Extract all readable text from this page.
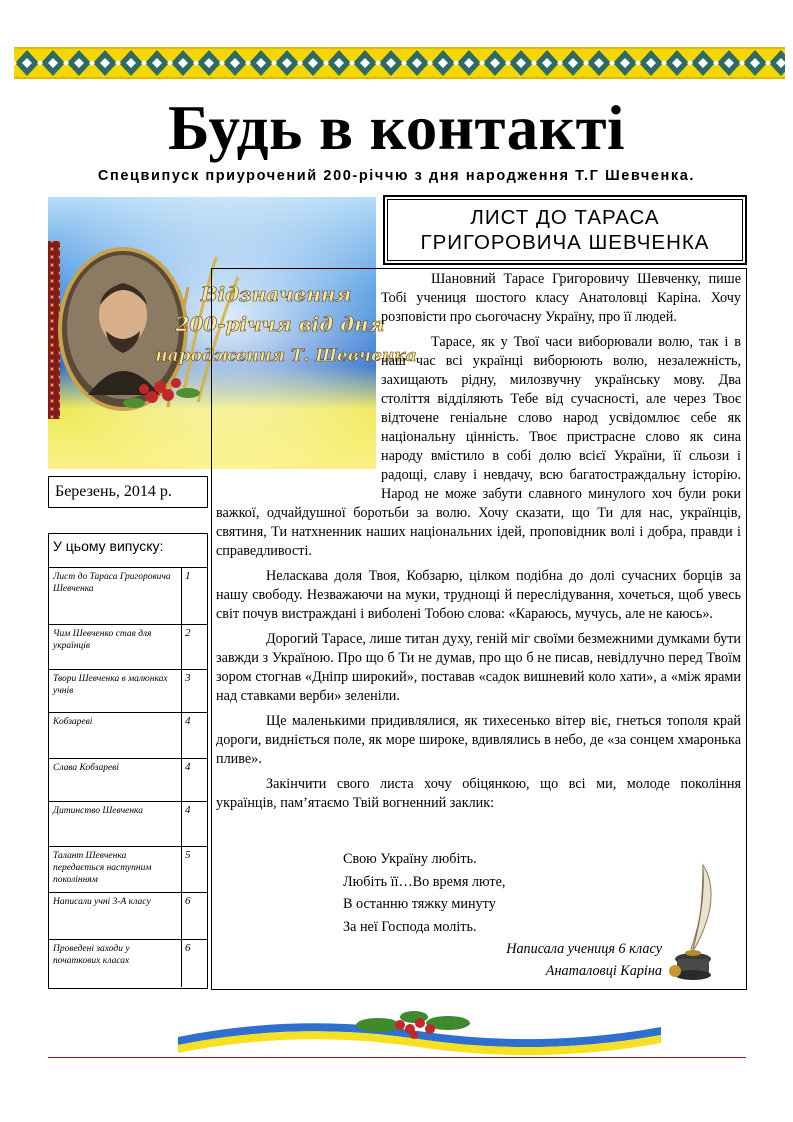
Будь в контакті
Спецвипуск приурочений 200-річчю з дня народження Т.Г Шевченка.
Відзначення
200-річчя від дня
народження Т. Шевченка
ЛИСТ ДО ТАРАСА
ГРИГОРОВИЧА ШЕВЧЕНКА
Березень, 2014 р.
У цьому випуску:
Лист до Тараса Григоровича Шевченка
1
Чим Шевченко став для українців
2
Твори Шевченка в малюнках учнів
3
Кобзареві	4
Слава Кобзареві	4
Дитинство Шевченка	4
Талант Шевченка передається наступним поколінням
5
Написали учні 3-А класу	6
Проведені заходи у початкових класах
6

Шановний Тарасе Григоровичу Шевченку, пише Тобі учениця шостого класу Анатоловці Каріна. Хочу розповісти про сьогочасну Україну, про її людей.

Тарасе, як у Твої часи виборювали волю, так і в наш час всі українці виборюють волю, незалежність, захищають рідну, милозвучну українську мову. Два століття відділяють Тебе від сучасності, але через Твоє відточене геніальне слово народ усвідомлює себе як національну цінність. Твоє пристрасне слово як сина народу вмістило в собі долю всієї України, її сльози і радощі, славу і невдачу, всю багатостраждальну історію. Народ не може забути славного минулого хоч були роки важкої, одчайдушної боротьби за волю. Хочу сказати, що Ти для нас, українців, святиня, Ти натхненник наших національних ідей, проповідник волі і добра, правди і справедливості.

Неласкава доля Твоя, Кобзарю, цілком подібна до долі сучасних борців за нашу свободу. Незважаючи на муки, труднощі й переслідування, хочеться, щоб увесь світ почув вистраждані і виболені Тобою слова: «Караюсь, мучусь, але не каюсь».

Дорогий Тарасе, лише титан духу, геній міг своїми безмежними думками бути завжди з Україною. Про що б Ти не думав, про що б не писав, невідлучно перед Твоїм зором стогнав «Дніпр широкий», поставав «садок вишневий коло хати», а «між ярами над ставками верби» зеленіли.

Ще маленькими придивлялися, як тихесенько вітер віє, гнеться тополя край дороги, видніється поле, як море широке, вдивлялись в небо, де «за сонцем хмаронька пливе».

Закінчити свого листа хочу обіцянкою, що всі ми, молоде покоління українців, пам’ятаємо Твій вогненний заклик:

Свою Україну любіть.
Любіть її…Во время люте,
В останню тяжку минуту
За неї Господа моліть.
Написала учениця 6 класу
Анаталовці Каріна
